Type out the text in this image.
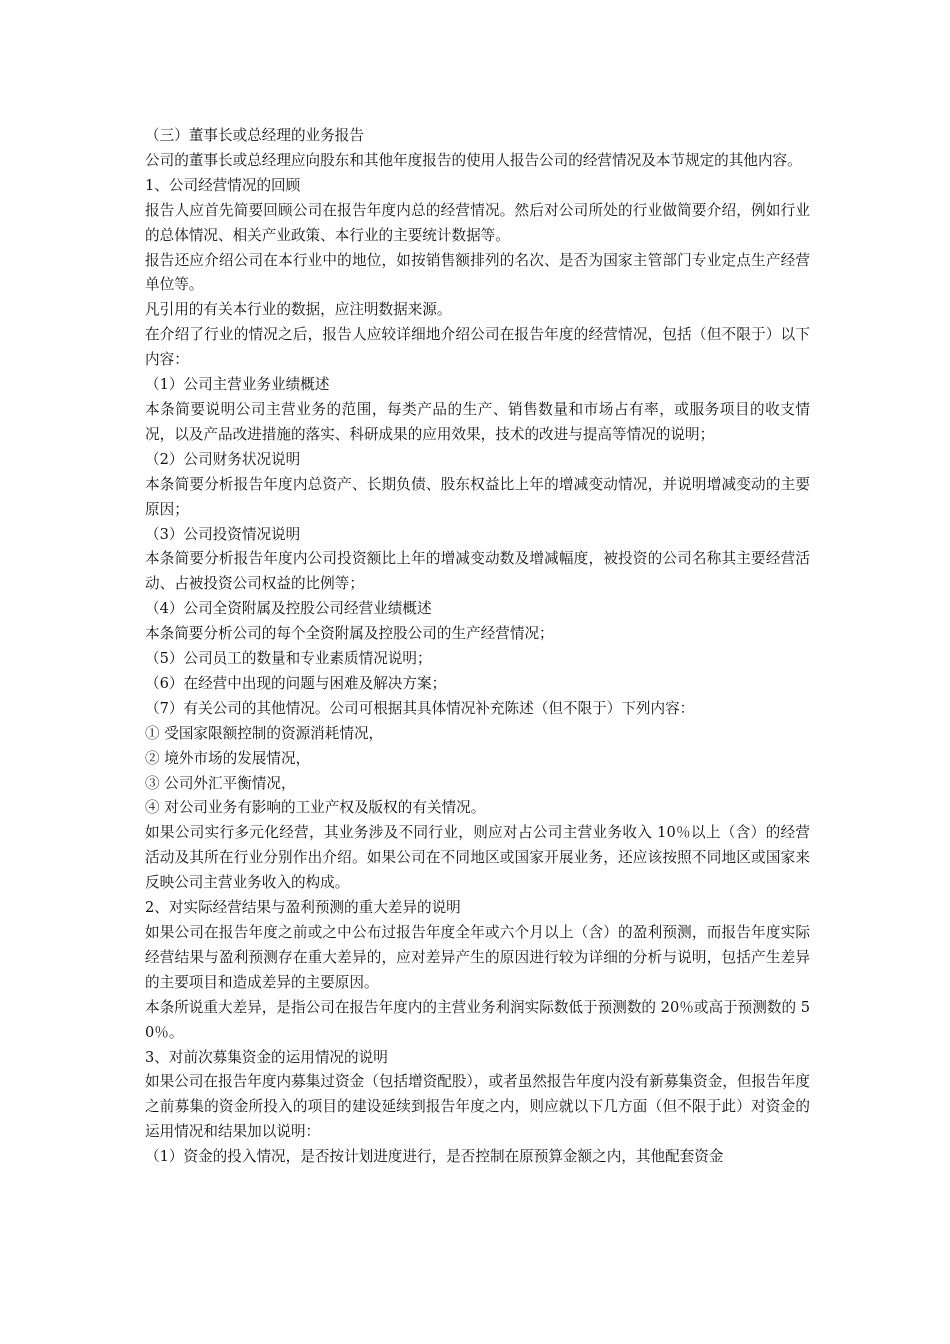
（三）董事长或总经理的业务报告

公司的董事长或总经理应向股东和其他年度报告的使用人报告公司的经营情况及本节规定的其他内容。

1、公司经营情况的回顾

报告人应首先简要回顾公司在报告年度内总的经营情况。然后对公司所处的行业做简要介绍，例如行业的总体情况、相关产业政策、本行业的主要统计数据等。

报告还应介绍公司在本行业中的地位，如按销售额排列的名次、是否为国家主管部门专业定点生产经营单位等。

凡引用的有关本行业的数据，应注明数据来源。

在介绍了行业的情况之后，报告人应较详细地介绍公司在报告年度的经营情况，包括（但不限于）以下内容：

（1）公司主营业务业绩概述

本条简要说明公司主营业务的范围，每类产品的生产、销售数量和市场占有率，或服务项目的收支情况，以及产品改进措施的落实、科研成果的应用效果，技术的改进与提高等情况的说明；

（2）公司财务状况说明

本条简要分析报告年度内总资产、长期负债、股东权益比上年的增减变动情况，并说明增减变动的主要原因；

（3）公司投资情况说明

本条简要分析报告年度内公司投资额比上年的增减变动数及增减幅度，被投资的公司名称其主要经营活动、占被投资公司权益的比例等；

（4）公司全资附属及控股公司经营业绩概述

本条简要分析公司的每个全资附属及控股公司的生产经营情况；

（5）公司员工的数量和专业素质情况说明；

（6）在经营中出现的问题与困难及解决方案；

（7）有关公司的其他情况。公司可根据其具体情况补充陈述（但不限于）下列内容：

① 受国家限额控制的资源消耗情况，

② 境外市场的发展情况，

③ 公司外汇平衡情况，

④ 对公司业务有影响的工业产权及版权的有关情况。

如果公司实行多元化经营，其业务涉及不同行业，则应对占公司主营业务收入 10％以上（含）的经营活动及其所在行业分别作出介绍。如果公司在不同地区或国家开展业务，还应该按照不同地区或国家来反映公司主营业务收入的构成。

2、对实际经营结果与盈利预测的重大差异的说明

如果公司在报告年度之前或之中公布过报告年度全年或六个月以上（含）的盈利预测，而报告年度实际经营结果与盈利预测存在重大差异的，应对差异产生的原因进行较为详细的分析与说明，包括产生差异的主要项目和造成差异的主要原因。

本条所说重大差异，是指公司在报告年度内的主营业务利润实际数低于预测数的 20％或高于预测数的 50％。

3、对前次募集资金的运用情况的说明

如果公司在报告年度内募集过资金（包括增资配股），或者虽然报告年度内没有新募集资金，但报告年度之前募集的资金所投入的项目的建设延续到报告年度之内，则应就以下几方面（但不限于此）对资金的运用情况和结果加以说明：

（1）资金的投入情况，是否按计划进度进行，是否控制在原预算金额之内，其他配套资金
